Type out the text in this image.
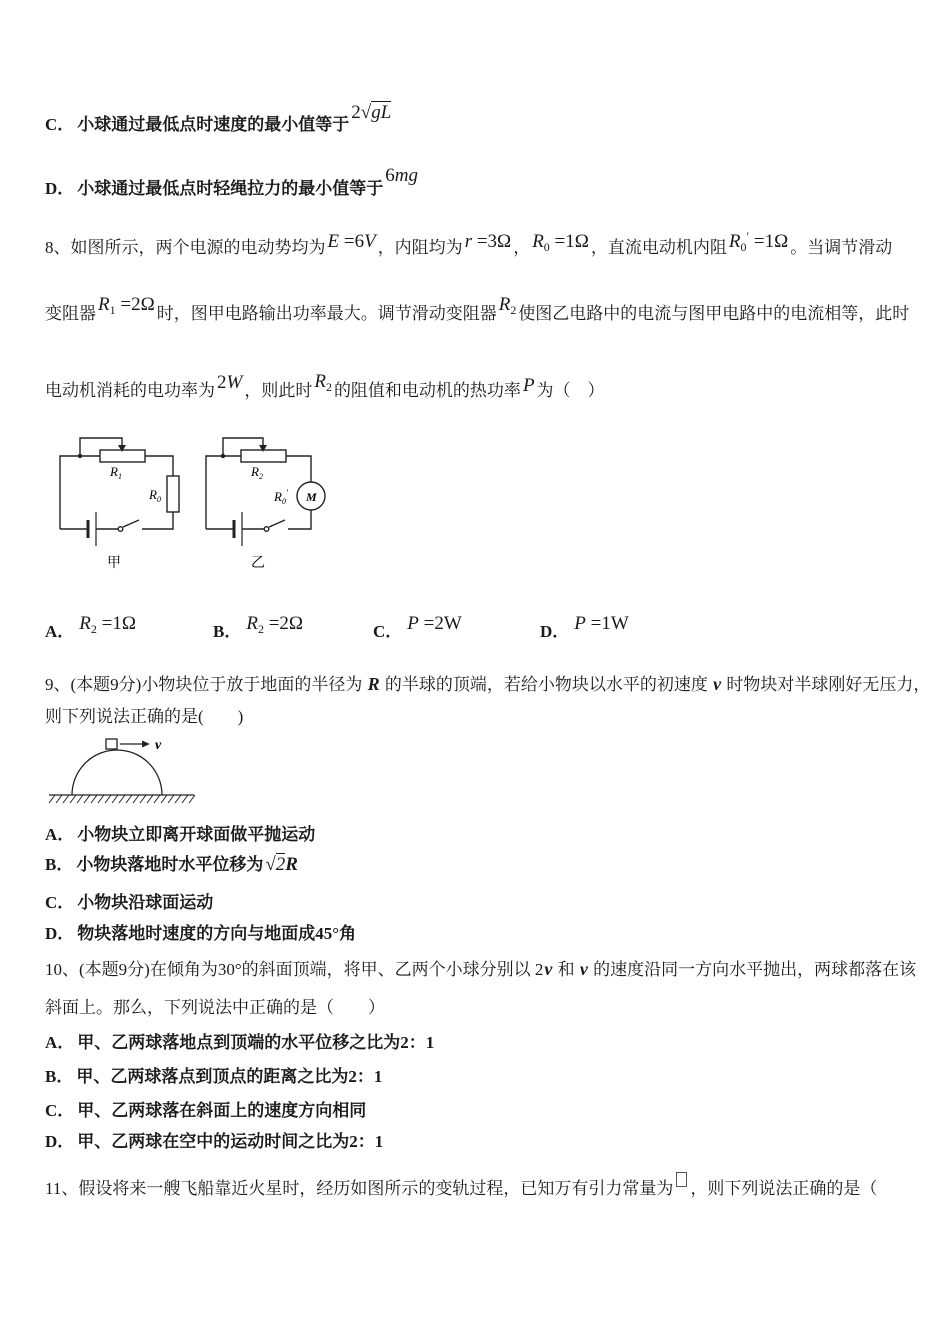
C． 小球通过最低点时速度的最小值等于2√gL
D． 小球通过最低点时轻绳拉力的最小值等于6mg
8、如图所示，两个电源的电动势均为 E =6V ，内阻均为 r =3Ω ， $R_0 =1\Omega$ ，直流电动机内阻 $R_0' =1\Omega$ 。当调节滑动
变阻器 $R_1 =2\Omega$ 时，图甲电路输出功率最大。调节滑动变阻器 $R_2$ 使图乙电路中的电流与图甲电路中的电流相等，此时
电动机消耗的电功率为 2W ，则此时 $R_2$ 的阻值和电动机的热功率 P 为（　）
$R_1$
$R_0$
甲
$R_2$
$R_0'$ M
乙
A． $R_2 =1\Omega$	B． $R_2 =2\Omega$	C． P =2W	D． P =1W
9、(本题9分)小物块位于放于地面的半径为 R 的半球的顶端，若给小物块以水平的初速度 v 时物块对半球刚好无压力，
则下列说法正确的是(　　)
v
A． 小物块立即离开球面做平抛运动
B． 小物块落地时水平位移为 √2R
C． 小物块沿球面运动
D． 物块落地时速度的方向与地面成45°角
10、(本题9分)在倾角为30°的斜面顶端，将甲、乙两个小球分别以 2v 和 v 的速度沿同一方向水平抛出，两球都落在该
斜面上。那么，下列说法中正确的是（　　）
A． 甲、乙两球落地点到顶端的水平位移之比为2：1
B． 甲、乙两球落点到顶点的距离之比为2：1
C． 甲、乙两球落在斜面上的速度方向相同
D． 甲、乙两球在空中的运动时间之比为2：1
11、假设将来一艘飞船靠近火星时，经历如图所示的变轨过程，已知万有引力常量为 ，则下列说法正确的是（
